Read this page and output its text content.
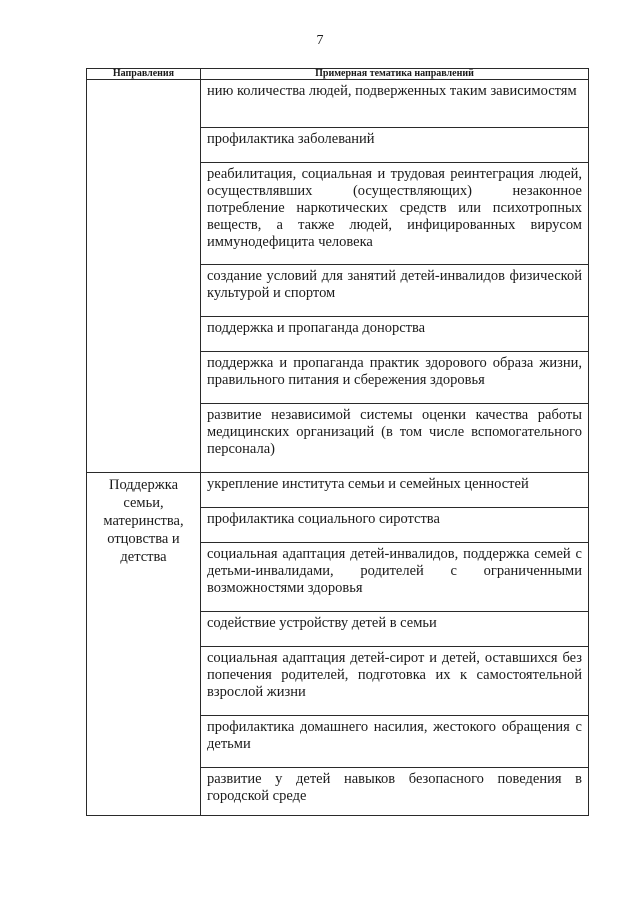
7
Направления	Примерная тематика направлений

	нию количества людей, подверженных таким зависимостям
	профилактика заболеваний
	реабилитация, социальная и трудовая реинтеграция людей, осуществлявших (осуществляющих) незаконное потребление наркотических средств или психотропных веществ, а также людей, инфицированных вирусом иммунодефицита человека
	создание условий для занятий детей-инвалидов физической культурой и спортом
	поддержка и пропаганда донорства
	поддержка и пропаганда практик здорового образа жизни, правильного питания и сбережения здоровья
	развитие независимой системы оценки качества работы медицинских организаций (в том числе вспомогательного персонала)
Поддержка семьи, материнства, отцовства и детства	укрепление института семьи и семейных ценностей
	профилактика социального сиротства
	социальная адаптация детей-инвалидов, поддержка семей с детьми-инвалидами, родителей с ограниченными возможностями здоровья
	содействие устройству детей в семьи
	социальная адаптация детей-сирот и детей, оставшихся без попечения родителей, подготовка их к самостоятельной взрослой жизни
	профилактика домашнего насилия, жестокого обращения с детьми
	развитие у детей навыков безопасного поведения в городской среде
